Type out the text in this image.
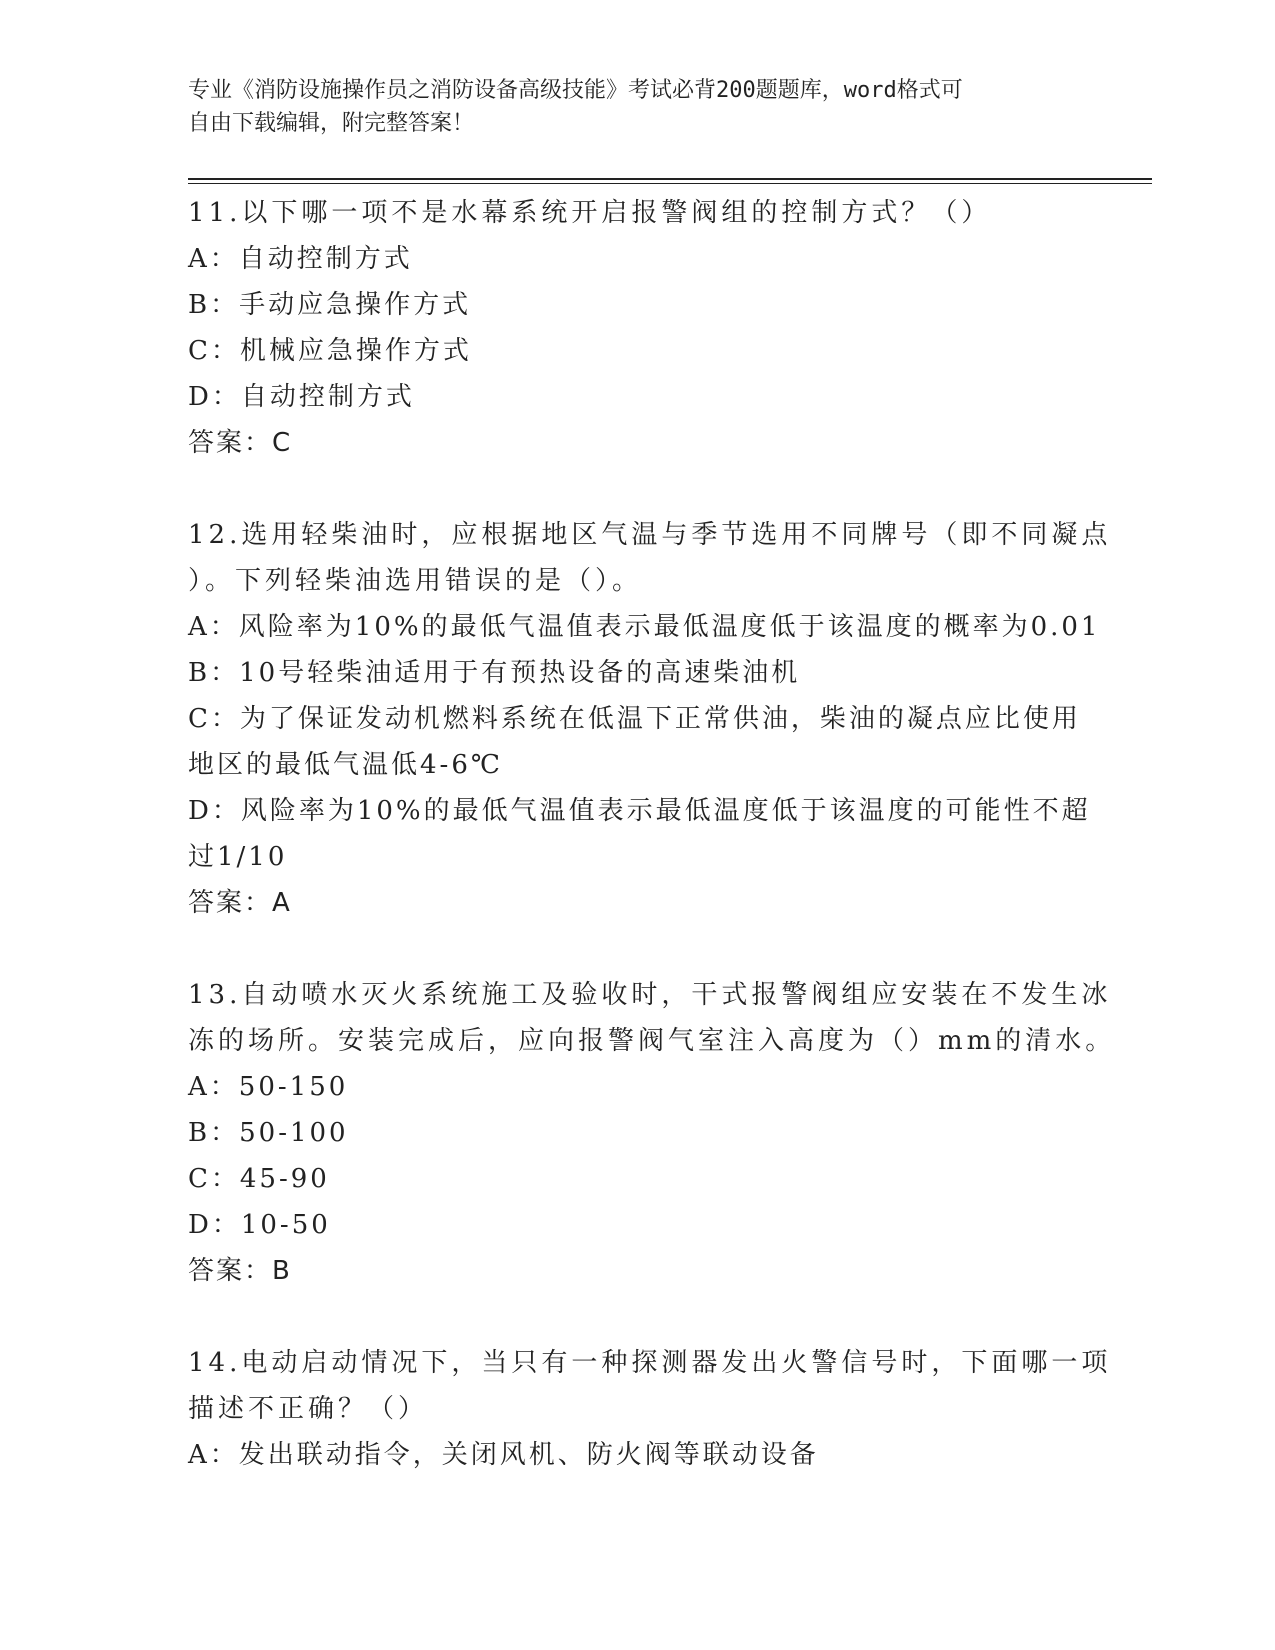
专业《消防设施操作员之消防设备高级技能》考试必背200题题库，word格式可
自由下载编辑，附完整答案！
11.以下哪一项不是水幕系统开启报警阀组的控制方式？（）
A：自动控制方式
B：手动应急操作方式
C：机械应急操作方式
D：自动控制方式
答案：C
12.选用轻柴油时，应根据地区气温与季节选用不同牌号（即不同凝点
）。下列轻柴油选用错误的是（）。
A：风险率为10%的最低气温值表示最低温度低于该温度的概率为0.01
B：10号轻柴油适用于有预热设备的高速柴油机
C：为了保证发动机燃料系统在低温下正常供油，柴油的凝点应比使用
地区的最低气温低4-6℃
D：风险率为10%的最低气温值表示最低温度低于该温度的可能性不超
过1/10
答案：A
13.自动喷水灭火系统施工及验收时，干式报警阀组应安装在不发生冰
冻的场所。安装完成后，应向报警阀气室注入高度为（）mm的清水。
A：50-150
B：50-100
C：45-90
D：10-50
答案：B
14.电动启动情况下，当只有一种探测器发出火警信号时，下面哪一项
描述不正确？（）
A：发出联动指令，关闭风机、防火阀等联动设备
